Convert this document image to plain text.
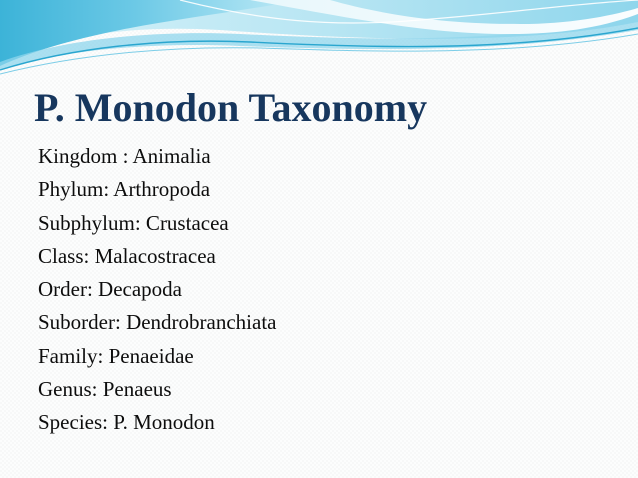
P. Monodon Taxonomy
Kingdom : Animalia
Phylum: Arthropoda
Subphylum: Crustacea
Class: Malacostracea
Order: Decapoda
Suborder: Dendrobranchiata
Family: Penaeidae
Genus: Penaeus
Species: P. Monodon
